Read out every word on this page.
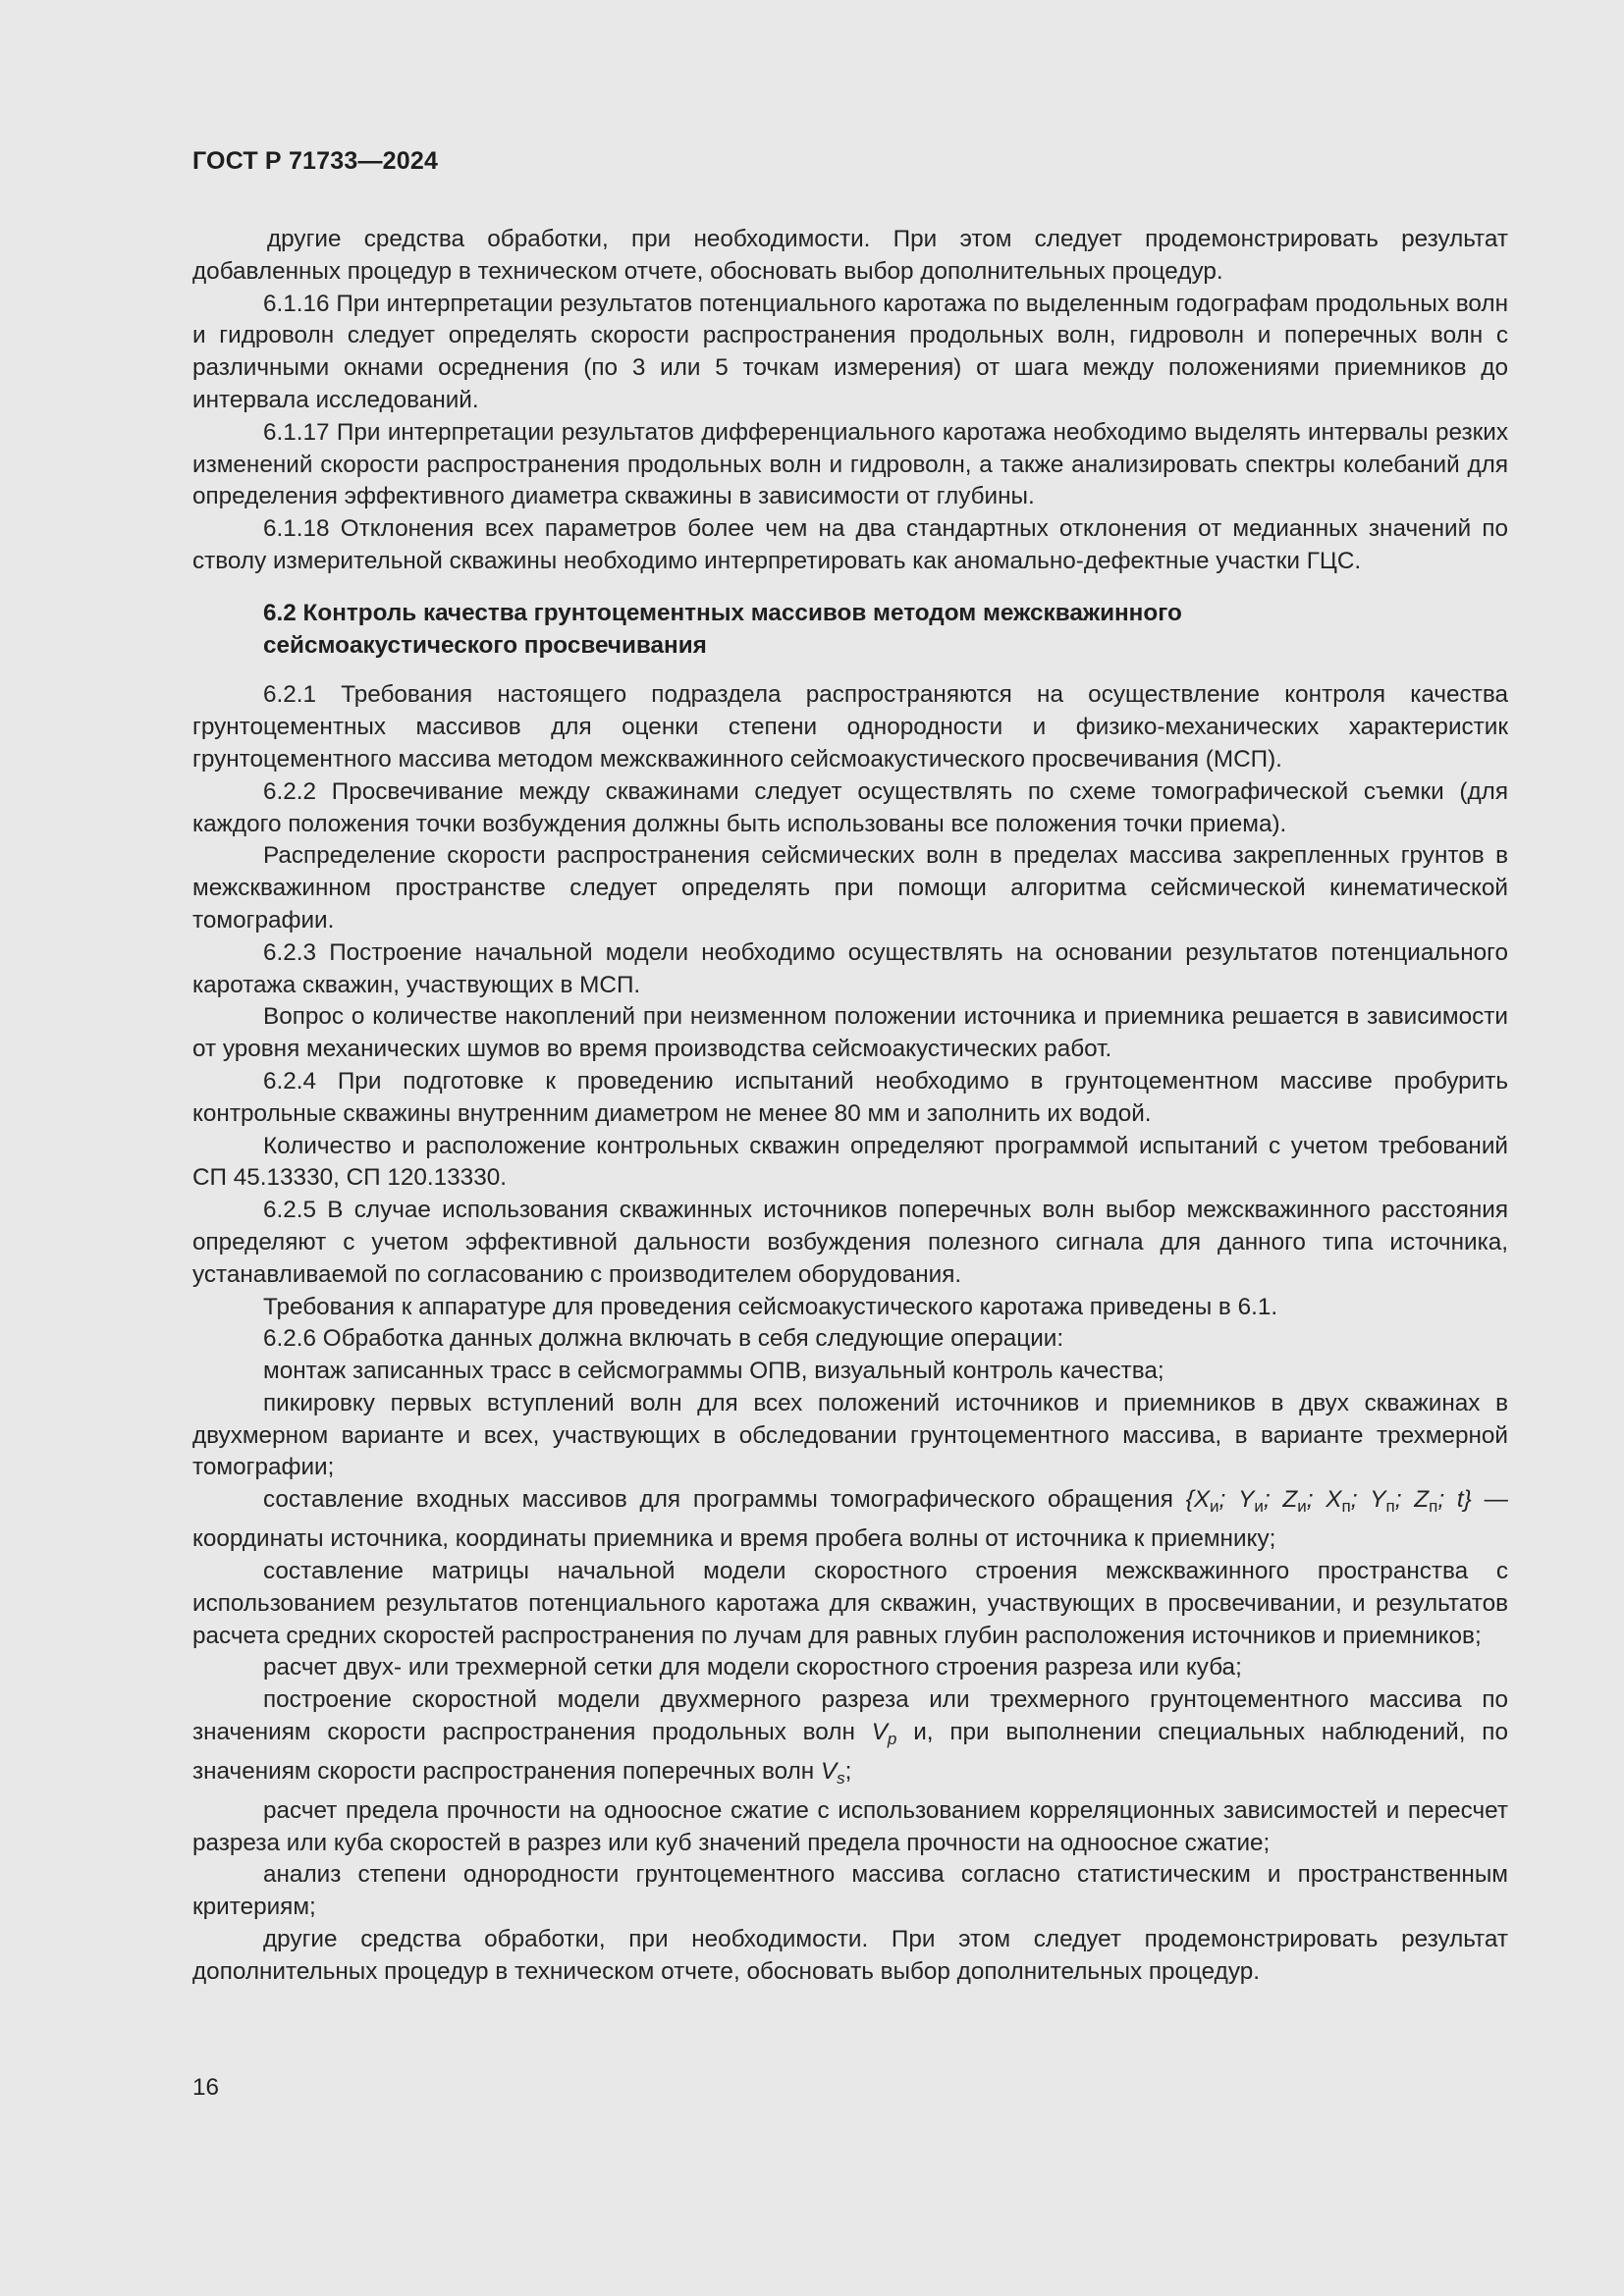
ГОСТ Р 71733—2024

другие средства обработки, при необходимости. При этом следует продемонстрировать результат добавленных процедур в техническом отчете, обосновать выбор дополнительных процедур.

6.1.16 При интерпретации результатов потенциального каротажа по выделенным годографам продольных волн и гидроволн следует определять скорости распространения продольных волн, гидроволн и поперечных волн с различными окнами осреднения (по 3 или 5 точкам измерения) от шага между положениями приемников до интервала исследований.

6.1.17 При интерпретации результатов дифференциального каротажа необходимо выделять интервалы резких изменений скорости распространения продольных волн и гидроволн, а также анализировать спектры колебаний для определения эффективного диаметра скважины в зависимости от глубины.

6.1.18 Отклонения всех параметров более чем на два стандартных отклонения от медианных значений по стволу измерительной скважины необходимо интерпретировать как аномально-дефектные участки ГЦС.

6.2 Контроль качества грунтоцементных массивов методом межскважинного
сейсмоакустического просвечивания

6.2.1 Требования настоящего подраздела распространяются на осуществление контроля качества грунтоцементных массивов для оценки степени однородности и физико-механических характеристик грунтоцементного массива методом межскважинного сейсмоакустического просвечивания (МСП).

6.2.2 Просвечивание между скважинами следует осуществлять по схеме томографической съемки (для каждого положения точки возбуждения должны быть использованы все положения точки приема).

Распределение скорости распространения сейсмических волн в пределах массива закрепленных грунтов в межскважинном пространстве следует определять при помощи алгоритма сейсмической кинематической томографии.

6.2.3 Построение начальной модели необходимо осуществлять на основании результатов потенциального каротажа скважин, участвующих в МСП.

Вопрос о количестве накоплений при неизменном положении источника и приемника решается в зависимости от уровня механических шумов во время производства сейсмоакустических работ.

6.2.4 При подготовке к проведению испытаний необходимо в грунтоцементном массиве пробурить контрольные скважины внутренним диаметром не менее 80 мм и заполнить их водой.

Количество и расположение контрольных скважин определяют программой испытаний с учетом требований СП 45.13330, СП 120.13330.

6.2.5 В случае использования скважинных источников поперечных волн выбор межскважинного расстояния определяют с учетом эффективной дальности возбуждения полезного сигнала для данного типа источника, устанавливаемой по согласованию с производителем оборудования.

Требования к аппаратуре для проведения сейсмоакустического каротажа приведены в 6.1.

6.2.6 Обработка данных должна включать в себя следующие операции:

монтаж записанных трасс в сейсмограммы ОПВ, визуальный контроль качества;

пикировку первых вступлений волн для всех положений источников и приемников в двух скважинах в двухмерном варианте и всех, участвующих в обследовании грунтоцементного массива, в варианте трехмерной томографии;

составление входных массивов для программы томографического обращения {$X_и$; $Y_и$; $Z_и$; $X_п$; $Y_п$; $Z_п$; t} — координаты источника, координаты приемника и время пробега волны от источника к приемнику;

составление матрицы начальной модели скоростного строения межскважинного пространства с использованием результатов потенциального каротажа для скважин, участвующих в просвечивании, и результатов расчета средних скоростей распространения по лучам для равных глубин расположения источников и приемников;

расчет двух- или трехмерной сетки для модели скоростного строения разреза или куба;

построение скоростной модели двухмерного разреза или трехмерного грунтоцементного массива по значениям скорости распространения продольных волн $V_p$ и, при выполнении специальных наблюдений, по значениям скорости распространения поперечных волн $V_s$;

расчет предела прочности на одноосное сжатие с использованием корреляционных зависимостей и пересчет разреза или куба скоростей в разрез или куб значений предела прочности на одноосное сжатие;

анализ степени однородности грунтоцементного массива согласно статистическим и пространственным критериям;

другие средства обработки, при необходимости. При этом следует продемонстрировать результат дополнительных процедур в техническом отчете, обосновать выбор дополнительных процедур.

16
